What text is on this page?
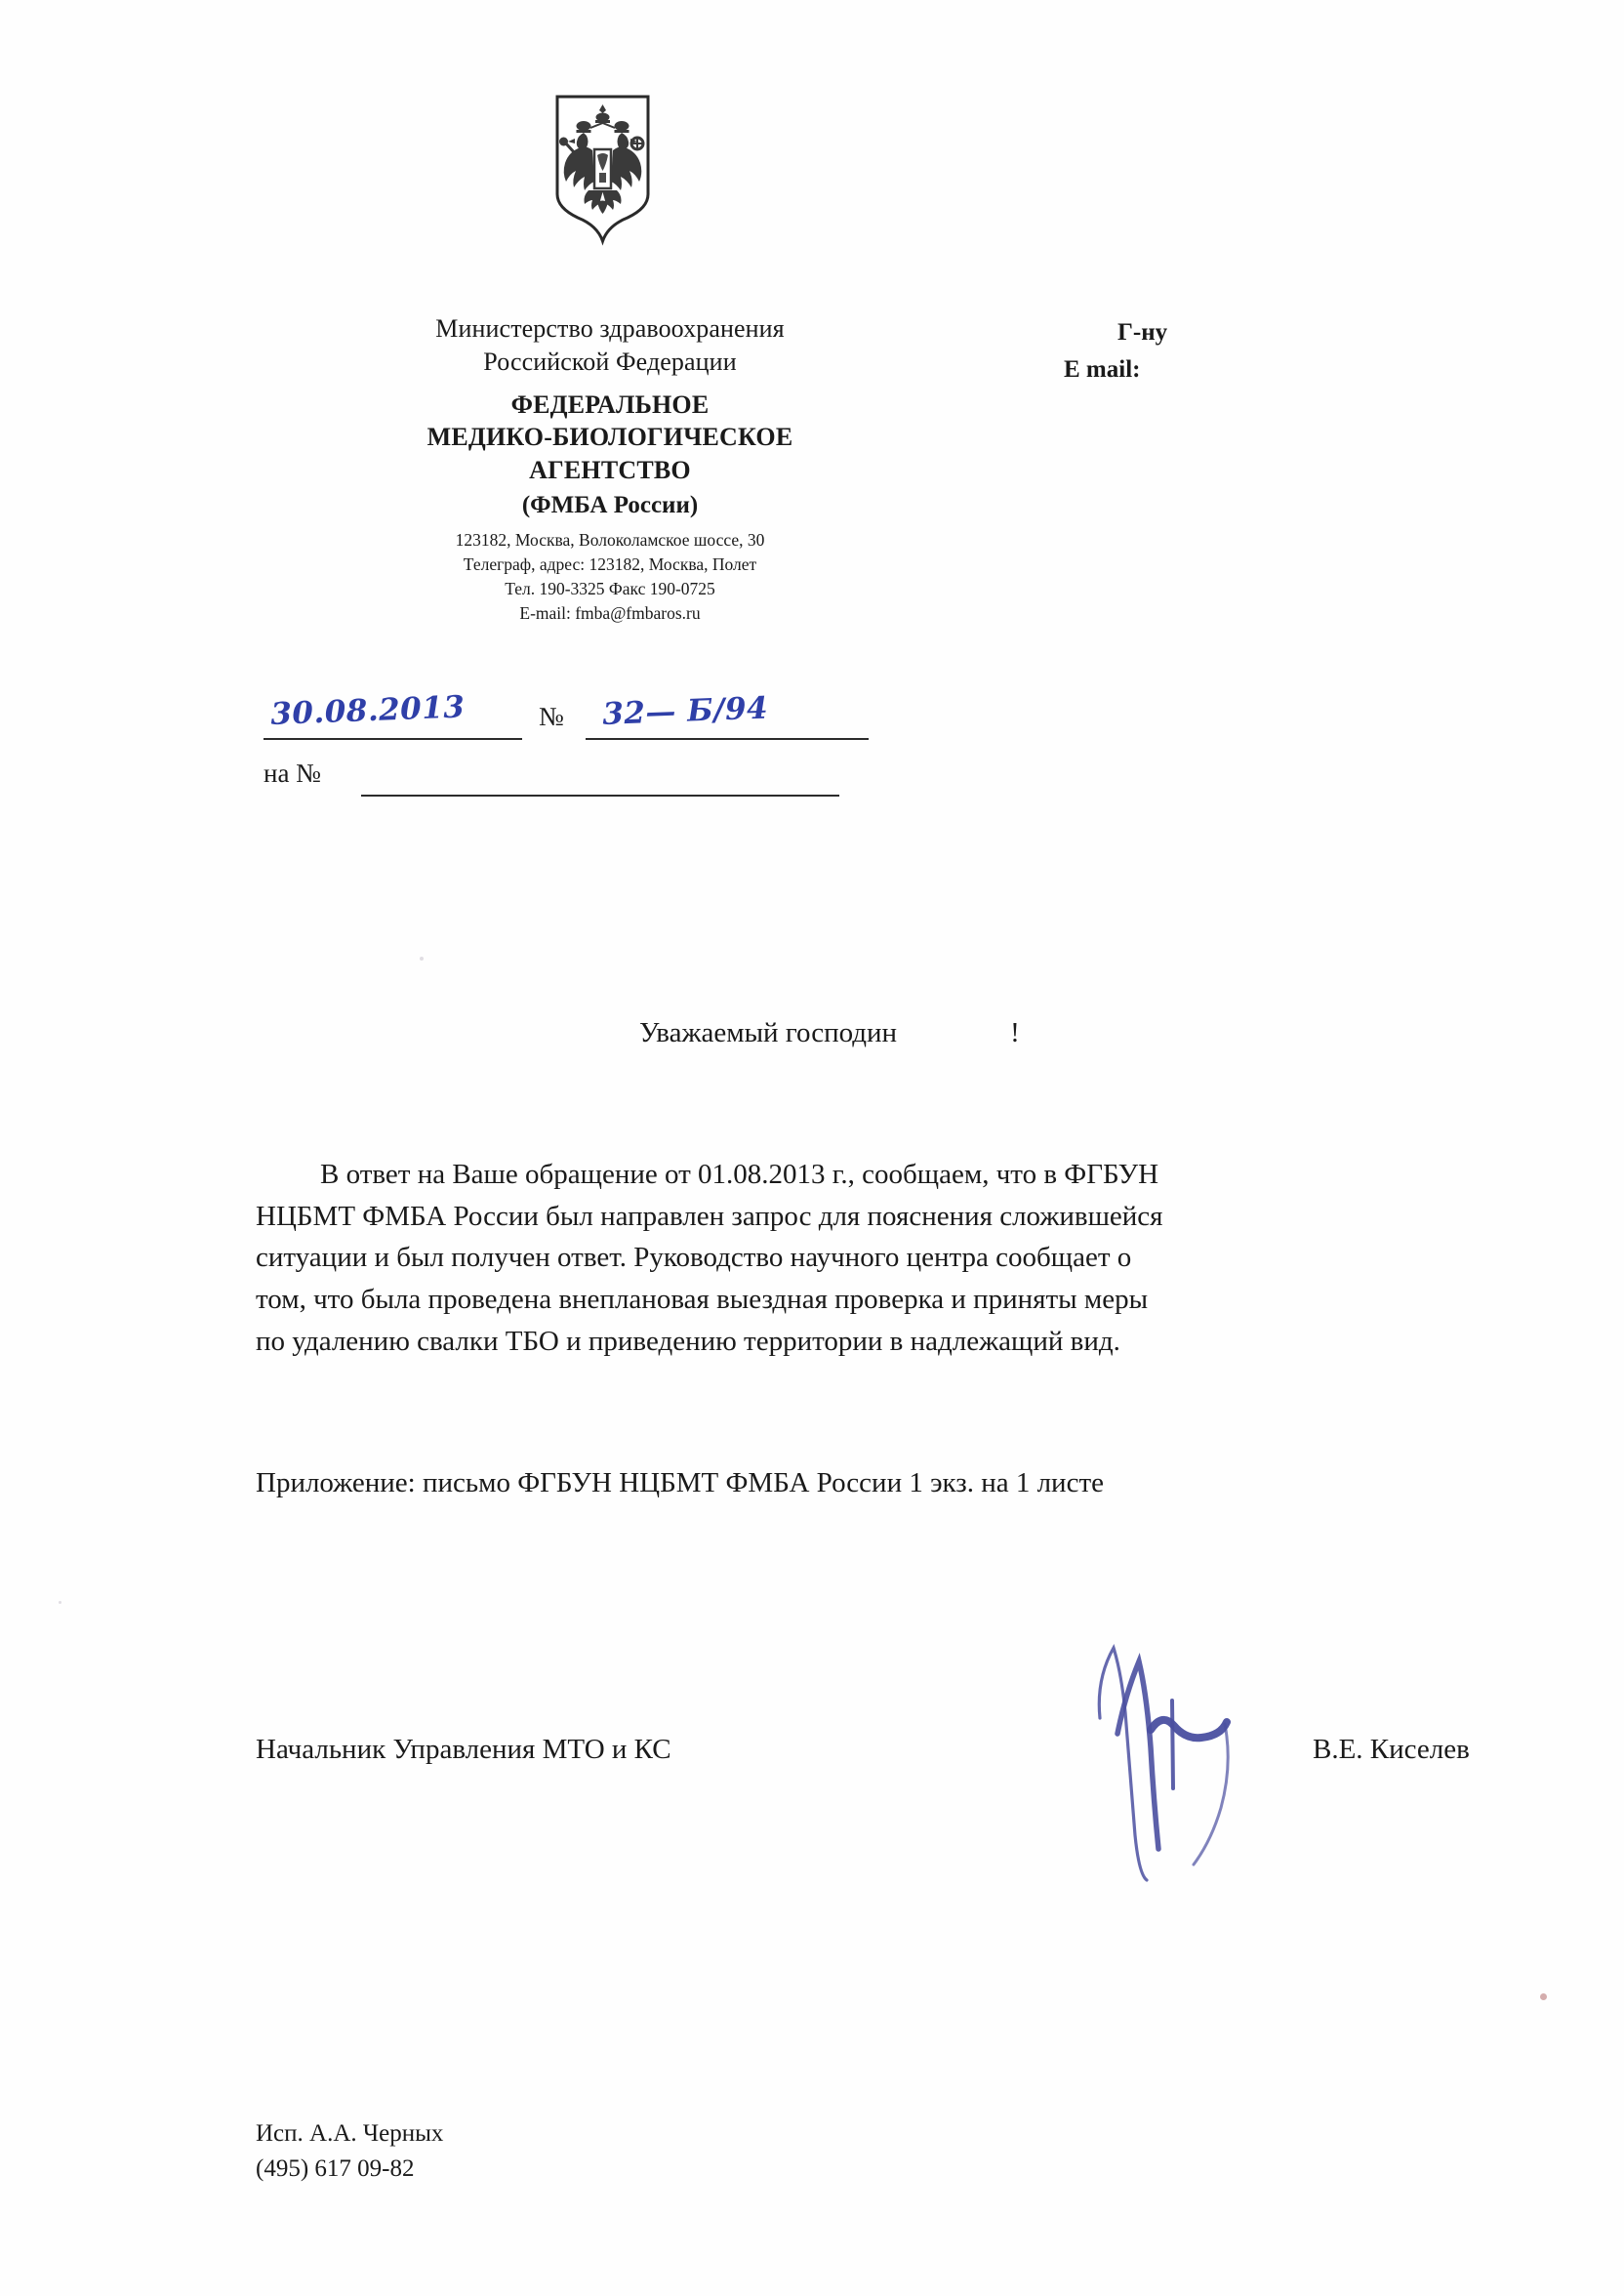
Министерство здравоохранения
Российской Федерации
ФЕДЕРАЛЬНОЕ
МЕДИКО-БИОЛОГИЧЕСКОЕ
АГЕНТСТВО
(ФМБА России)
123182, Москва, Волоколамское шоссе, 30
Телеграф, адрес: 123182, Москва, Полет
Тел. 190-3325 Факс 190-0725
E-mail: fmba@fmbaros.ru
Г-ну
E mail:
30.08.2013	№ 32— Б/94
на №
Уважаемый господин                !

В ответ на Ваше обращение от 01.08.2013 г., сообщаем, что в ФГБУН

НЦБМТ ФМБА России был направлен запрос для пояснения сложившейся

ситуации и был получен ответ. Руководство научного центра сообщает о

том, что была проведена внеплановая выездная проверка и приняты меры

по удалению свалки ТБО и приведению территории в надлежащий вид.

Приложение: письмо ФГБУН НЦБМТ ФМБА России 1 экз. на 1 листе
Начальник Управления МТО и КС	В.Е. Киселев
Исп. А.А. Черных
(495) 617 09-82
